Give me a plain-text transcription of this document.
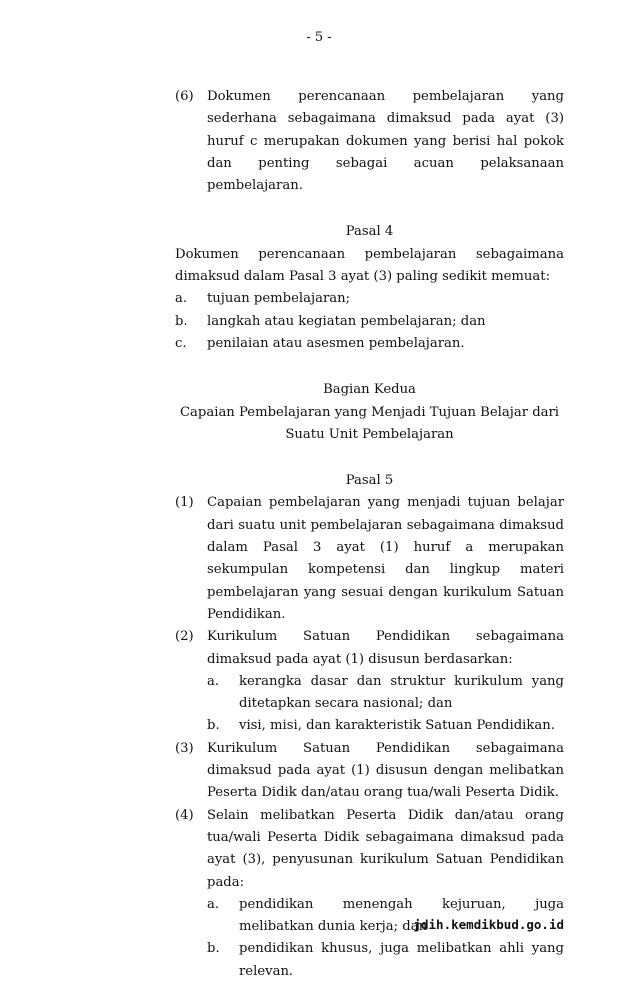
- 5 -
(6)	Dokumen perencanaan pembelajaran yang sederhana sebagaimana dimaksud pada ayat (3) huruf c merupakan dokumen yang berisi hal pokok dan penting sebagai acuan pelaksanaan pembelajaran.
Pasal 4
Dokumen perencanaan pembelajaran sebagaimana dimaksud dalam Pasal 3 ayat (3) paling sedikit memuat:
a.	tujuan pembelajaran;
b.	langkah atau kegiatan pembelajaran; dan
c.	penilaian atau asesmen pembelajaran.
Bagian Kedua
Capaian Pembelajaran yang Menjadi Tujuan Belajar dari
Suatu Unit Pembelajaran
Pasal 5
(1)	Capaian pembelajaran yang menjadi tujuan belajar dari suatu unit pembelajaran sebagaimana dimaksud dalam Pasal 3 ayat (1) huruf a merupakan sekumpulan kompetensi dan lingkup materi pembelajaran yang sesuai dengan kurikulum Satuan Pendidikan.
(2)	Kurikulum Satuan Pendidikan sebagaimana dimaksud pada ayat (1) disusun berdasarkan:
a.	kerangka dasar dan struktur kurikulum yang ditetapkan secara nasional; dan
b.	visi, misi, dan karakteristik Satuan Pendidikan.
(3)	Kurikulum Satuan Pendidikan sebagaimana dimaksud pada ayat (1) disusun dengan melibatkan Peserta Didik dan/atau orang tua/wali Peserta Didik.
(4)	Selain melibatkan Peserta Didik dan/atau orang tua/wali Peserta Didik sebagaimana dimaksud pada ayat (3), penyusunan kurikulum Satuan Pendidikan pada:
a.	pendidikan menengah kejuruan, juga melibatkan dunia kerja; dan
b.	pendidikan khusus, juga melibatkan ahli yang relevan.
jdih.kemdikbud.go.id
